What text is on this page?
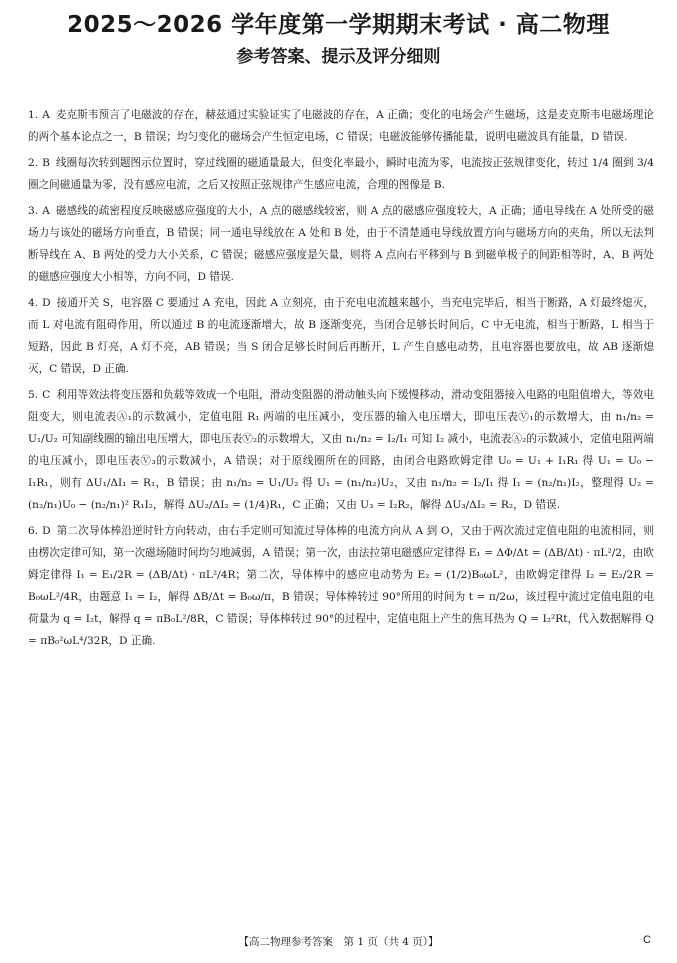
2025～2026 学年度第一学期期末考试 · 高二物理
参考答案、提示及评分细则
1. A 麦克斯韦预言了电磁波的存在，赫兹通过实验证实了电磁波的存在，A 正确；变化的电场会产生磁场，这是麦克斯韦电磁场理论的两个基本论点之一，B 错误；均匀变化的磁场会产生恒定电场，C 错误；电磁波能够传播能量，说明电磁波具有能量，D 错误.
2. B 线圈每次转到题图示位置时，穿过线圈的磁通量最大，但变化率最小，瞬时电流为零，电流按正弦规律变化，转过 1/4 圈到 3/4 圈之间磁通量为零，没有感应电流，之后又按照正弦规律产生感应电流，合理的图像是 B.
3. A 磁感线的疏密程度反映磁感应强度的大小，A 点的磁感线较密，则 A 点的磁感应强度较大，A 正确；通电导线在 A 处所受的磁场力与该处的磁场方向垂直，B 错误；同一通电导线放在 A 处和 B 处，由于不清楚通电导线放置方向与磁场方向的夹角，所以无法判断导线在 A、B 两处的受力大小关系，C 错误；磁感应强度是矢量，则将 A 点向右平移到与 B 到磁单极子的间距相等时，A、B 两处的磁感应强度大小相等，方向不同，D 错误.
4. D 接通开关 S，电容器 C 要通过 A 充电，因此 A 立刻亮，由于充电电流越来越小，当充电完毕后，相当于断路，A 灯最终熄灭，而 L 对电流有阻碍作用，所以通过 B 的电流逐渐增大，故 B 逐渐变亮，当闭合足够长时间后，C 中无电流，相当于断路，L 相当于短路，因此 B 灯亮，A 灯不亮，AB 错误；当 S 闭合足够长时间后再断开，L 产生自感电动势，且电容器也要放电，故 AB 逐渐熄灭，C 错误，D 正确.
5. C 利用等效法将变压器和负载等效成一个电阻，滑动变阻器的滑动触头向下缓慢移动，滑动变阻器接入电路的电阻值增大，等效电阻变大，则电流表Ⓐ₁的示数减小，定值电阻 R₁ 两端的电压减小，变压器的输入电压增大，即电压表Ⓥ₁的示数增大，由 n₁/n₂ = U₁/U₂ 可知副线圈的输出电压增大，即电压表Ⓥ₂的示数增大，又由 n₁/n₂ = I₂/I₁ 可知 I₂ 减小，电流表Ⓐ₂的示数减小，定值电阻两端的电压减小，即电压表Ⓥ₃的示数减小，A 错误；对于原线圈所在的回路，由闭合电路欧姆定律 U₀ = U₁ + I₁R₁ 得 U₁ = U₀ − I₁R₁，则有 ΔU₁/ΔI₁ = R₁，B 错误；由 n₁/n₂ = U₁/U₂ 得 U₁ = (n₁/n₂)U₂，又由 n₁/n₂ = I₂/I₁ 得 I₁ = (n₂/n₁)I₂，整理得 U₂ = (n₂/n₁)U₀ − (n₂/n₁)² R₁I₂，解得 ΔU₂/ΔI₂ = (1/4)R₁，C 正确；又由 U₃ = I₂R₂，解得 ΔU₃/ΔI₂ = R₂，D 错误.
6. D 第二次导体棒沿逆时针方向转动，由右手定则可知流过导体棒的电流方向从 A 到 O，又由于两次流过定值电阻的电流相同，则由楞次定律可知，第一次磁场随时间均匀地减弱，A 错误；第一次，由法拉第电磁感应定律得 E₁ = ΔΦ/Δt = (ΔB/Δt) · πL²/2，由欧姆定律得 I₁ = E₁/2R = (ΔB/Δt) · πL²/4R；第二次，导体棒中的感应电动势为 E₂ = (1/2)B₀ωL²，由欧姆定律得 I₂ = E₂/2R = B₀ωL²/4R，由题意 I₁ = I₂，解得 ΔB/Δt = B₀ω/π，B 错误；导体棒转过 90°所用的时间为 t = π/2ω，该过程中流过定值电阻的电荷量为 q = I₂t，解得 q = πB₀L²/8R，C 错误；导体棒转过 90°的过程中，定值电阻上产生的焦耳热为 Q = I₂²Rt，代入数据解得 Q = πB₀²ωL⁴/32R，D 正确.
【高二物理参考答案　第 1 页（共 4 页）】	C
